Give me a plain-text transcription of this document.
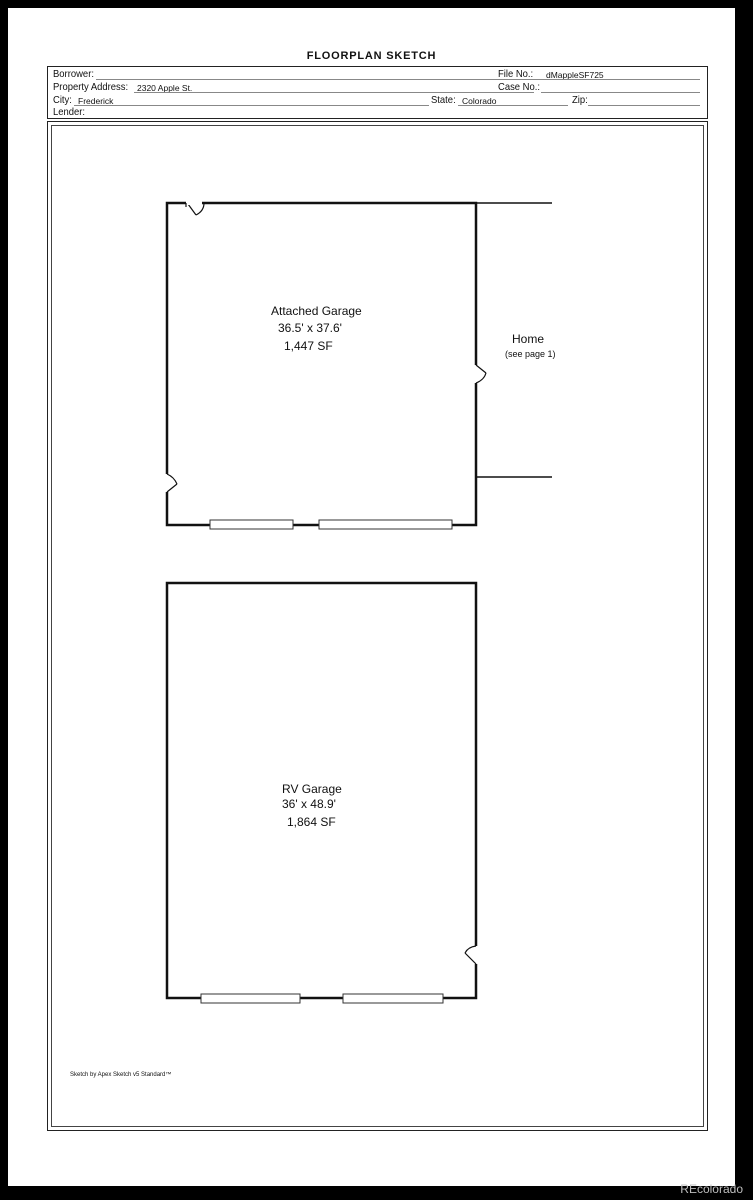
FLOORPLAN SKETCH
Borrower:	File No.: dMappleSF725
Property Address: 2320 Apple St.	Case No.:
City: Frederick	State: Colorado	Zip:
Lender:
Attached Garage
36.5' x 37.6'
1,447 SF	Home
(see page 1)
RV Garage
36' x 48.9'
1,864 SF
Sketch by Apex Sketch v5 Standard™
REcolorado
